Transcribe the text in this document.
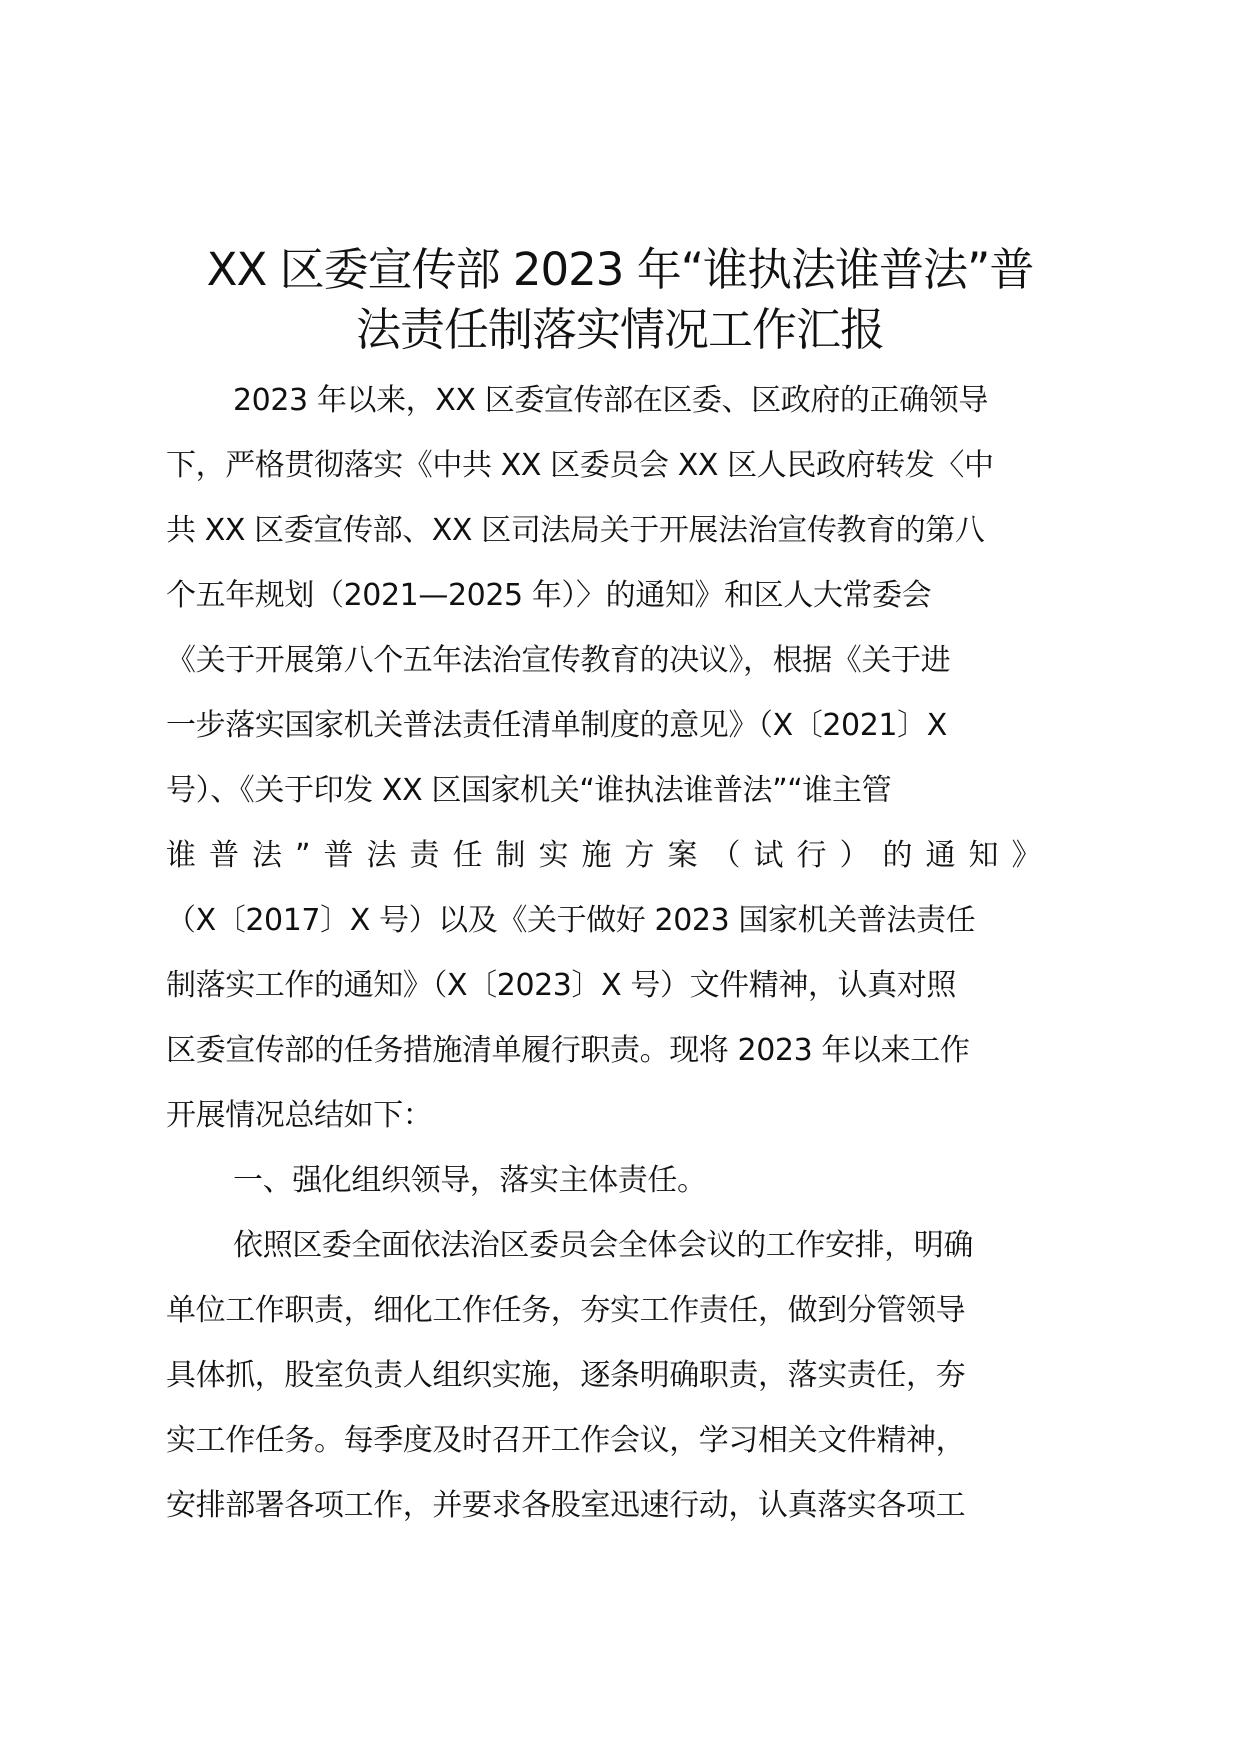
XX 区委宣传部 2023 年“谁执法谁普法”普
法责任制落实情况工作汇报
2023 年以来，XX 区委宣传部在区委、区政府的正确领导
下，严格贯彻落实《中共 XX 区委员会 XX 区人民政府转发〈中
共 XX 区委宣传部、XX 区司法局关于开展法治宣传教育的第八
个五年规划（2021—2025 年）〉的通知》和区人大常委会
《关于开展第八个五年法治宣传教育的决议》，根据《关于进
一步落实国家机关普法责任清单制度的意见》（X〔2021〕X
号）、《关于印发 XX 区国家机关“谁执法谁普法”“谁主管
谁普法”普法责任制实施方案（试行）的通知》
（X〔2017〕X 号）以及《关于做好 2023 国家机关普法责任
制落实工作的通知》（X〔2023〕X 号）文件精神，认真对照
区委宣传部的任务措施清单履行职责。现将 2023 年以来工作
开展情况总结如下：
一、强化组织领导，落实主体责任。
依照区委全面依法治区委员会全体会议的工作安排，明确
单位工作职责，细化工作任务，夯实工作责任，做到分管领导
具体抓，股室负责人组织实施，逐条明确职责，落实责任，夯
实工作任务。每季度及时召开工作会议，学习相关文件精神，
安排部署各项工作，并要求各股室迅速行动，认真落实各项工
